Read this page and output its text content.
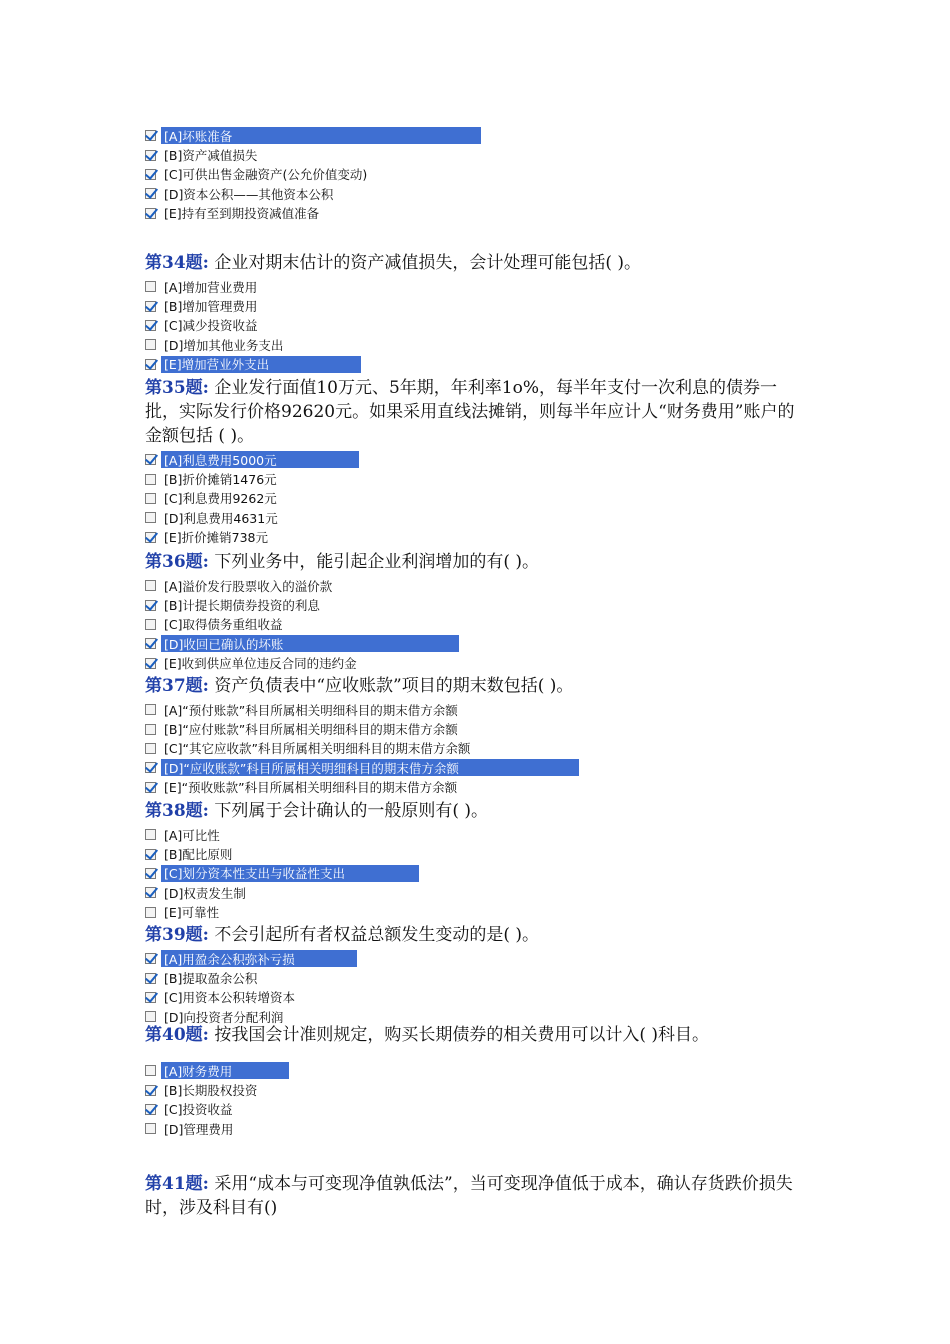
[A]坏账准备
[B]资产减值损失
[C]可供出售金融资产(公允价值变动)
[D]资本公积——其他资本公积
[E]持有至到期投资减值准备

第34题: 企业对期末估计的资产减值损失，会计处理可能包括( )。

[A]增加营业费用
[B]增加管理费用
[C]减少投资收益
[D]增加其他业务支出
[E]增加营业外支出

第35题: 企业发行面值10万元、5年期，年利率1o%，每半年支付一次利息的债券一批，实际发行价格92620元。如果采用直线法摊销，则每半年应计人“财务费用”账户的金额包括 ( )。

[A]利息费用5000元
[B]折价摊销1476元
[C]利息费用9262元
[D]利息费用4631元
[E]折价摊销738元

第36题: 下列业务中，能引起企业利润增加的有( )。

[A]溢价发行股票收入的溢价款
[B]计提长期债券投资的利息
[C]取得债务重组收益
[D]收回已确认的坏账
[E]收到供应单位违反合同的违约金

第37题: 资产负债表中“应收账款”项目的期末数包括( )。

[A]“预付账款”科目所属相关明细科目的期末借方余额
[B]“应付账款”科目所属相关明细科目的期末借方余额
[C]“其它应收款”科目所属相关明细科目的期末借方余额
[D]“应收账款”科目所属相关明细科目的期末借方余额
[E]“预收账款”科目所属相关明细科目的期末借方余额

第38题: 下列属于会计确认的一般原则有( )。

[A]可比性
[B]配比原则
[C]划分资本性支出与收益性支出
[D]权责发生制
[E]可靠性

第39题: 不会引起所有者权益总额发生变动的是( )。

[A]用盈余公积弥补亏损
[B]提取盈余公积
[C]用资本公积转增资本
[D]向投资者分配利润

第40题: 按我国会计准则规定，购买长期债券的相关费用可以计入( )科目。

[A]财务费用
[B]长期股权投资
[C]投资收益
[D]管理费用

第41题: 采用“成本与可变现净值孰低法”，当可变现净值低于成本，确认存货跌价损失时，涉及科目有()
